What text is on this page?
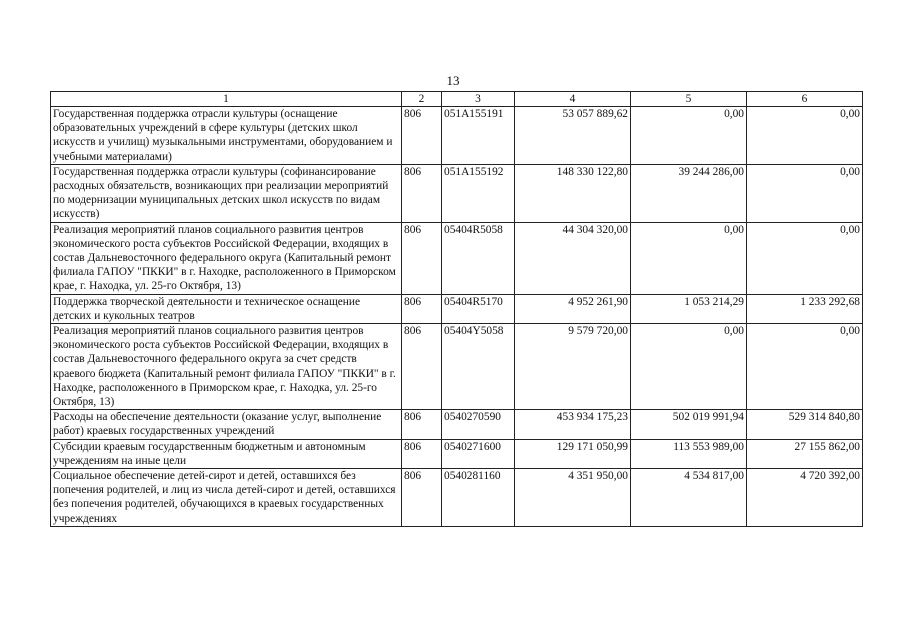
13
1	2	3	4	5	6
Государственная поддержка отрасли культуры (оснащение образовательных учреждений в сфере культуры (детских школ искусств и училищ) музыкальными инструментами, оборудованием и учебными материалами)	806	051A155191	53 057 889,62	0,00	0,00
Государственная поддержка отрасли культуры (софинансирование расходных обязательств, возникающих при реализации мероприятий по модернизации муниципальных детских школ искусств по видам искусств)	806	051A155192	148 330 122,80	39 244 286,00	0,00
Реализация мероприятий планов социального развития центров экономического роста субъектов Российской Федерации, входящих в состав Дальневосточного федерального округа (Капитальный ремонт филиала ГАПОУ "ПККИ" в г. Находке, расположенного в Приморском крае, г. Находка, ул. 25-го Октября, 13)	806	05404R5058	44 304 320,00	0,00	0,00
Поддержка творческой деятельности и техническое оснащение детских и кукольных театров	806	05404R5170	4 952 261,90	1 053 214,29	1 233 292,68
Реализация мероприятий планов социального развития центров экономического роста субъектов Российской Федерации, входящих в состав Дальневосточного федерального округа за счет средств краевого бюджета (Капитальный ремонт филиала ГАПОУ "ПККИ" в г. Находке, расположенного в Приморском крае, г. Находка, ул. 25-го Октября, 13)	806	05404Y5058	9 579 720,00	0,00	0,00
Расходы на обеспечение деятельности (оказание услуг, выполнение работ) краевых государственных учреждений	806	0540270590	453 934 175,23	502 019 991,94	529 314 840,80
Субсидии краевым государственным бюджетным и автономным учреждениям на иные цели	806	0540271600	129 171 050,99	113 553 989,00	27 155 862,00
Социальное обеспечение детей-сирот и детей, оставшихся без попечения родителей, и лиц из числа детей-сирот и детей, оставшихся без попечения родителей, обучающихся в краевых государственных учреждениях	806	0540281160	4 351 950,00	4 534 817,00	4 720 392,00
